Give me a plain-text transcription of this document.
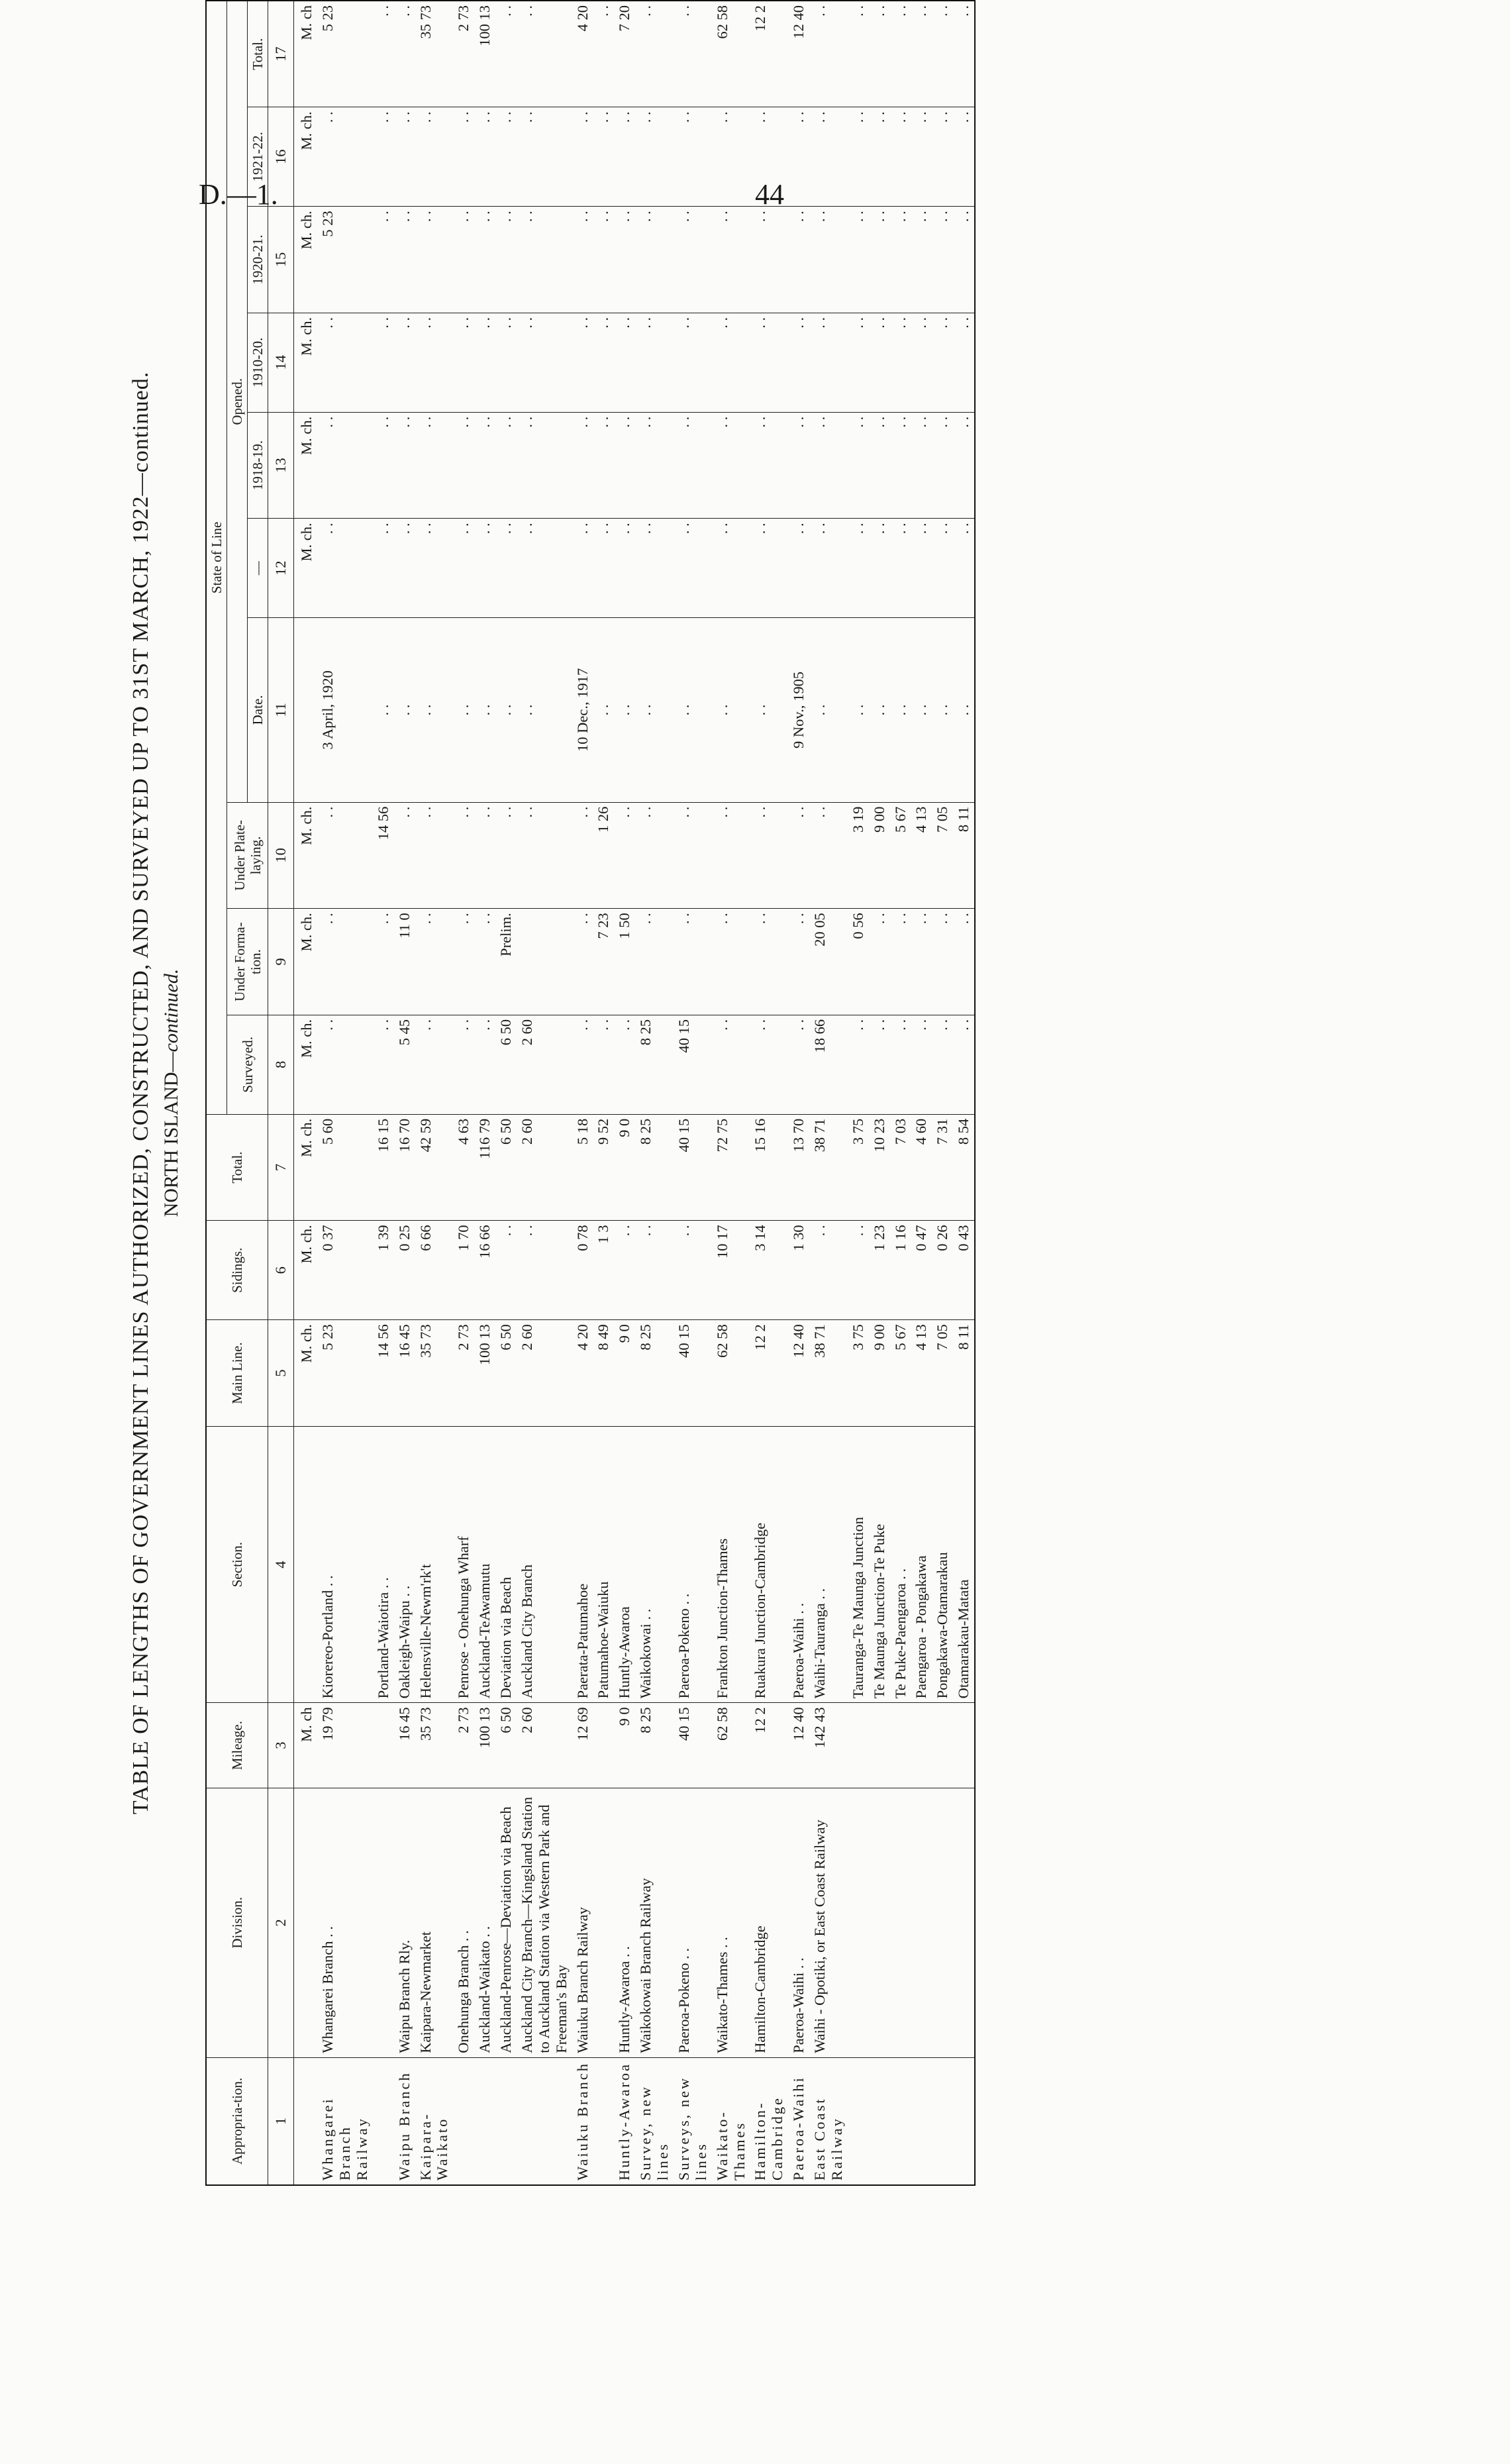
D.—1.	44
TABLE OF LENGTHS OF GOVERNMENT LINES AUTHORIZED, CONSTRUCTED, AND SURVEYED UP TO 31ST MARCH, 1922—continued. NORTH ISLAND—continued.
Appropria-tion.	Division.	Mileage.	Section.	Main Line.	Sidings.	Total.	State of Line									
							Surveyed.	Under Forma-tion.	Under Plate-laying.	Opened.						
										Date.	—	1918-19.	1910-20.	1920-21.	1921-22.	Total.
1	2	3	4	5	6	7	8	9	10	11	12	13	14	15	16	17
		M. ch		M. ch.	M. ch.	M. ch.	M. ch.	M. ch.	M. ch.		M. ch.	M. ch.	M. ch.	M. ch.	M. ch.	M. ch
Whangarei Branch Railway	Whangarei Branch . .	19 79	Kiorereo-Portland . .	5 23	0 37	5 60	. .	. .	. .	3 April, 1920	. .	. .	. .	5 23	. .	5 23
			Portland-Waiotira . .	14 56	1 39	16 15	. .	. .	14 56	. .	. .	. .	. .	. .	. .	. .
Waipu Branch	Waipu Branch Rly.	16 45	Oakleigh-Waipu . .	16 45	0 25	16 70	5 45	11 0	. .	. .	. .	. .	. .	. .	. .	. .
Kaipara-Waikato	Kaipara-Newmarket	35 73	Helensville-Newm'rk't	35 73	6 66	42 59	. .	. .	. .	. .	. .	. .	. .	. .	. .	35 73
	Onehunga Branch . .	2 73	Penrose - Onehunga Wharf	2 73	1 70	4 63	. .	. .	. .	. .	. .	. .	. .	. .	. .	2 73
	Auckland-Waikato . .	100 13	Auckland-TeAwamutu	100 13	16 66	116 79	. .	. .	. .	. .	. .	. .	. .	. .	. .	100 13
	Auckland-Penrose—Deviation via Beach	6 50	Deviation via Beach	6 50	. .	6 50	6 50	Prelim.	. .	. .	. .	. .	. .	. .	. .	. .
	Auckland City Branch—Kingsland Station to Auckland Station via Western Park and Freeman's Bay	2 60	Auckland City Branch	2 60	. .	2 60	2 60		. .	. .	. .	. .	. .	. .	. .	. .
Waiuku Branch	Waiuku Branch Railway	12 69	Paerata-Patumahoe	4 20	0 78	5 18	. .	. .	. .	10 Dec., 1917	. .	. .	. .	. .	. .	4 20
			Patumahoe-Waiuku	8 49	1 3	9 52	. .	7 23	1 26	. .	. .	. .	. .	. .	. .	. .
Huntly-Awaroa	Huntly-Awaroa . .	9 0	Huntly-Awaroa	9 0	. .	9 0	. .	1 50	. .	. .	. .	. .	. .	. .	. .	7 20
Survey, new lines	Waikokowai Branch Railway	8 25	Waikokowai . .	8 25	. .	8 25	8 25	. .	. .	. .	. .	. .	. .	. .	. .	. .
Surveys, new lines	Paeroa-Pokeno . .	40 15	Paeroa-Pokeno . .	40 15	. .	40 15	40 15	. .	. .	. .	. .	. .	. .	. .	. .	. .
Waikato-Thames	Waikato-Thames . .	62 58	Frankton Junction-Thames	62 58	10 17	72 75	. .	. .	. .	. .	. .	. .	. .	. .	. .	62 58
Hamilton-Cambridge	Hamilton-Cambridge	12 2	Ruakura Junction-Cambridge	12 2	3 14	15 16	. .	. .	. .	. .	. .	. .	. .	. .	. .	12 2
Paeroa-Waihi	Paeroa-Waihi . .	12 40	Paeroa-Waihi . .	12 40	1 30	13 70	. .	. .	. .	9 Nov., 1905	. .	. .	. .	. .	. .	12 40
East Coast Railway	Waihi - Opotiki, or East Coast Railway	142 43	Waihi-Tauranga . .	38 71	. .	38 71	18 66	20 05	. .	. .	. .	. .	. .	. .	. .	. .
			Tauranga-Te Maunga Junction	3 75	. .	3 75	. .	0 56	3 19	. .	. .	. .	. .	. .	. .	. .
			Te Maunga Junction-Te Puke	9 00	1 23	10 23	. .	. .	9 00	. .	. .	. .	. .	. .	. .	. .
			Te Puke-Paengaroa . .	5 67	1 16	7 03	. .	. .	5 67	. .	. .	. .	. .	. .	. .	. .
			Paengaroa - Pongakawa	4 13	0 47	4 60	. .	. .	4 13	. .	. .	. .	. .	. .	. .	. .
			Pongakawa-Otamarakau	7 05	0 26	7 31	. .	. .	7 05	. .	. .	. .	. .	. .	. .	. .
			Otamarakau-Matata	8 11	0 43	8 54	. .	. .	8 11	. .	. .	. .	. .	. .	. .	. .
